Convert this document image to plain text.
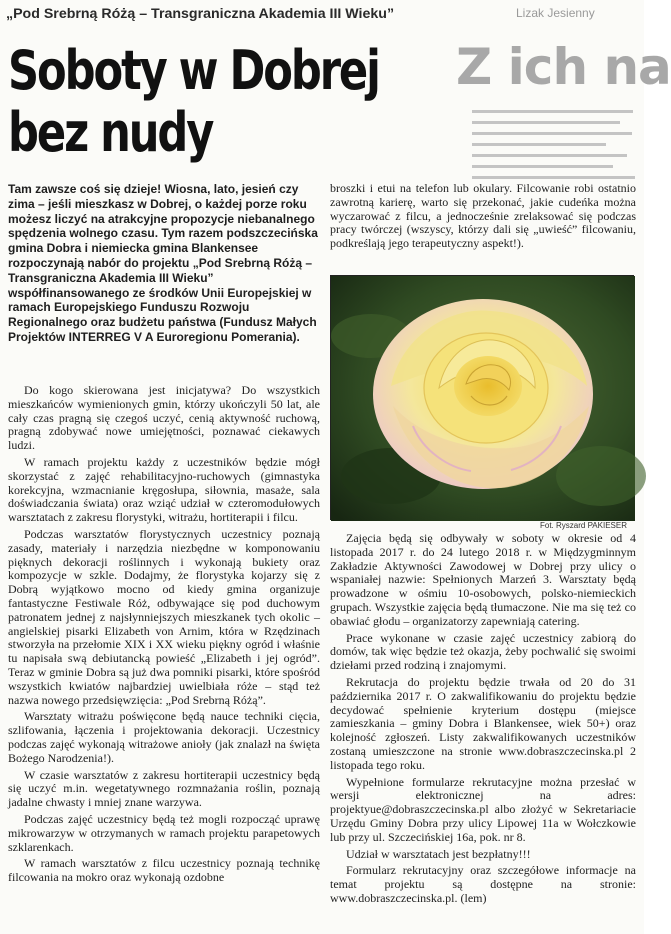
„Pod Srebrną Różą – Transgraniczna Akademia III Wieku”	Lizak Jesienny
Z ich na
Soboty w Dobrej
bez nudy
Tam zawsze coś się dzieje! Wiosna, lato, jesień czy zima – jeśli mieszkasz w Dobrej, o każdej porze roku możesz liczyć na atrakcyjne propozycje niebanalnego spędzenia wolnego czasu. Tym razem podszczecińska gmina Dobra i niemiecka gmina Blankensee rozpoczynają nabór do projektu „Pod Srebrną Różą – Transgraniczna Akademia III Wieku” współfinansowanego ze środków Unii Europejskiej w ramach Europejskiego Funduszu Rozwoju Regionalnego oraz budżetu państwa (Fundusz Małych Projektów INTERREG V A Euroregionu Pomerania).

Do kogo skierowana jest inicjatywa? Do wszystkich mieszkańców wymienionych gmin, którzy ukończyli 50 lat, ale cały czas pragną się czegoś uczyć, cenią aktywność ruchową, pragną zdobywać nowe umiejętności, poznawać ciekawych ludzi.

W ramach projektu każdy z uczestników będzie mógł skorzystać z zajęć rehabilitacyjno-ruchowych (gimnastyka korekcyjna, wzmacnianie kręgosłupa, siłownia, masaże, sala doświadczania świata) oraz wziąć udział w czteromodułowych warsztatach z zakresu florystyki, witrażu, hortiterapii i filcu.

Podczas warsztatów florystycznych uczestnicy poznają zasady, materiały i narzędzia niezbędne w komponowaniu pięknych dekoracji roślinnych i wykonają bukiety oraz kompozycje w szkle. Dodajmy, że florystyka kojarzy się z Dobrą wyjątkowo mocno od kiedy gmina organizuje fantastyczne Festiwale Róż, odbywające się pod duchowym patronatem jednej z najsłynniejszych mieszkanek tych okolic – angielskiej pisarki Elizabeth von Arnim, która w Rzędzinach stworzyła na przełomie XIX i XX wieku piękny ogród i właśnie tu napisała swą debiutancką powieść „Elizabeth i jej ogród”. Teraz w gminie Dobra są już dwa pomniki pisarki, które spośród wszystkich kwiatów najbardziej uwielbiała róże – stąd też nazwa nowego przedsięwzięcia: „Pod Srebrną Różą”.

Warsztaty witrażu poświęcone będą nauce techniki cięcia, szlifowania, łączenia i projektowania dekoracji. Uczestnicy podczas zajęć wykonają witrażowe anioły (jak znalazł na święta Bożego Narodzenia!).

W czasie warsztatów z zakresu hortiterapii uczestnicy będą się uczyć m.in. wegetatywnego rozmnażania roślin, poznają jadalne chwasty i mniej znane warzywa.

Podczas zajęć uczestnicy będą też mogli rozpocząć uprawę mikrowarzyw w otrzymanych w ramach projektu parapetowych szklarenkach.

W ramach warsztatów z filcu uczestnicy poznają technikę filcowania na mokro oraz wykonają ozdobne

broszki i etui na telefon lub okulary. Filcowanie robi ostatnio zawrotną karierę, warto się przekonać, jakie cudeńka można wyczarować z filcu, a jednocześnie zrelaksować się podczas pracy twórczej (wszyscy, którzy dali się „uwieść” filcowaniu, podkreślają jego terapeutyczny aspekt!).

Fot. Ryszard PAKIESER

Zajęcia będą się odbywały w soboty w okresie od 4 listopada 2017 r. do 24 lutego 2018 r. w Międzygminnym Zakładzie Aktywności Zawodowej w Dobrej przy ulicy o wspaniałej nazwie: Spełnionych Marzeń 3. Warsztaty będą prowadzone w ośmiu 10-osobowych, polsko-niemieckich grupach. Wszystkie zajęcia będą tłumaczone. Nie ma się też co obawiać głodu – organizatorzy zapewniają catering.

Prace wykonane w czasie zajęć uczestnicy zabiorą do domów, tak więc będzie też okazja, żeby pochwalić się swoimi dziełami przed rodziną i znajomymi.

Rekrutacja do projektu będzie trwała od 20 do 31 października 2017 r. O zakwalifikowaniu do projektu będzie decydować spełnienie kryterium dostępu (miejsce zamieszkania – gminy Dobra i Blankensee, wiek 50+) oraz kolejność zgłoszeń. Listy zakwalifikowanych uczestników zostaną umieszczone na stronie www.dobraszczecinska.pl 2 listopada tego roku.

Wypełnione formularze rekrutacyjne można przesłać w wersji elektronicznej na adres: projektyue@dobraszczecinska.pl albo złożyć w Sekretariacie Urzędu Gminy Dobra przy ulicy Lipowej 11a w Wołczkowie lub przy ul. Szczecińskiej 16a, pok. nr 8.

Udział w warsztatach jest bezpłatny!!!

Formularz rekrutacyjny oraz szczegółowe informacje na temat projektu są dostępne na stronie: www.dobraszczecinska.pl. (lem)
